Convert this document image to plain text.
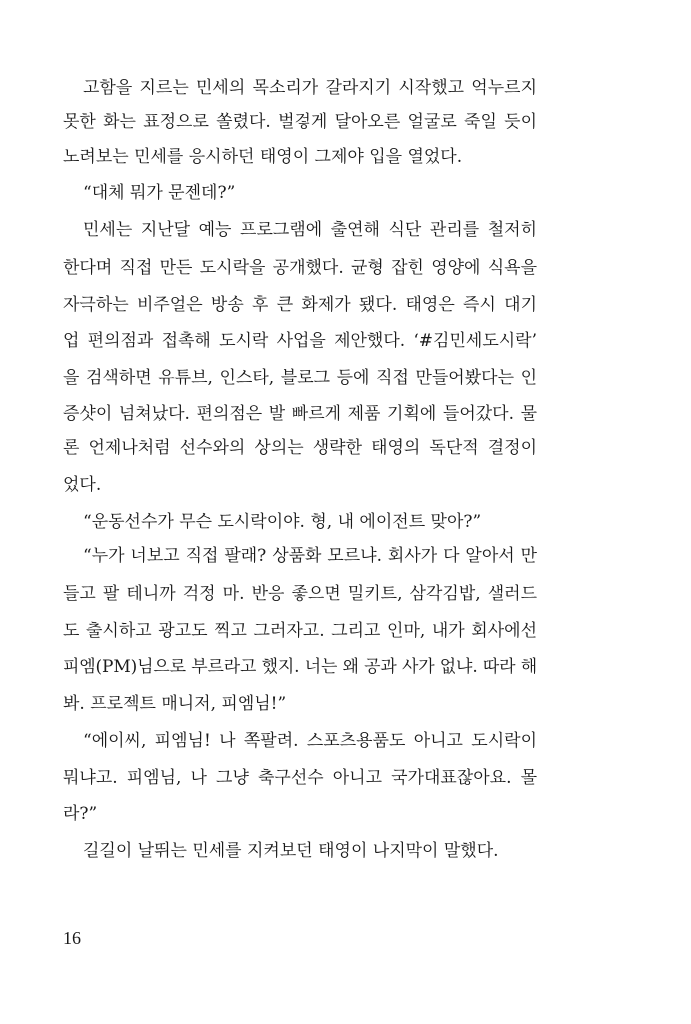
고함을 지르는 민세의 목소리가 갈라지기 시작했고 억누르지
못한 화는 표정으로 쏠렸다. 벌겋게 달아오른 얼굴로 죽일 듯이
노려보는 민세를 응시하던 태영이 그제야 입을 열었다.
“대체 뭐가 문젠데?”
민세는 지난달 예능 프로그램에 출연해 식단 관리를 철저히
한다며 직접 만든 도시락을 공개했다. 균형 잡힌 영양에 식욕을
자극하는 비주얼은 방송 후 큰 화제가 됐다. 태영은 즉시 대기
업 편의점과 접촉해 도시락 사업을 제안했다. ‘#김민세도시락’
을 검색하면 유튜브, 인스타, 블로그 등에 직접 만들어봤다는 인
증샷이 넘쳐났다. 편의점은 발 빠르게 제품 기획에 들어갔다. 물
론 언제나처럼 선수와의 상의는 생략한 태영의 독단적 결정이
었다.
“운동선수가 무슨 도시락이야. 형, 내 에이전트 맞아?”
“누가 너보고 직접 팔래? 상품화 모르냐. 회사가 다 알아서 만
들고 팔 테니까 걱정 마. 반응 좋으면 밀키트, 삼각김밥, 샐러드
도 출시하고 광고도 찍고 그러자고. 그리고 인마, 내가 회사에선
피엠(PM)님으로 부르라고 했지. 너는 왜 공과 사가 없냐. 따라 해
봐. 프로젝트 매니저, 피엠님!”
“에이씨, 피엠님! 나 쪽팔려. 스포츠용품도 아니고 도시락이
뭐냐고. 피엠님, 나 그냥 축구선수 아니고 국가대표잖아요. 몰
라?”
길길이 날뛰는 민세를 지켜보던 태영이 나지막이 말했다.
16
